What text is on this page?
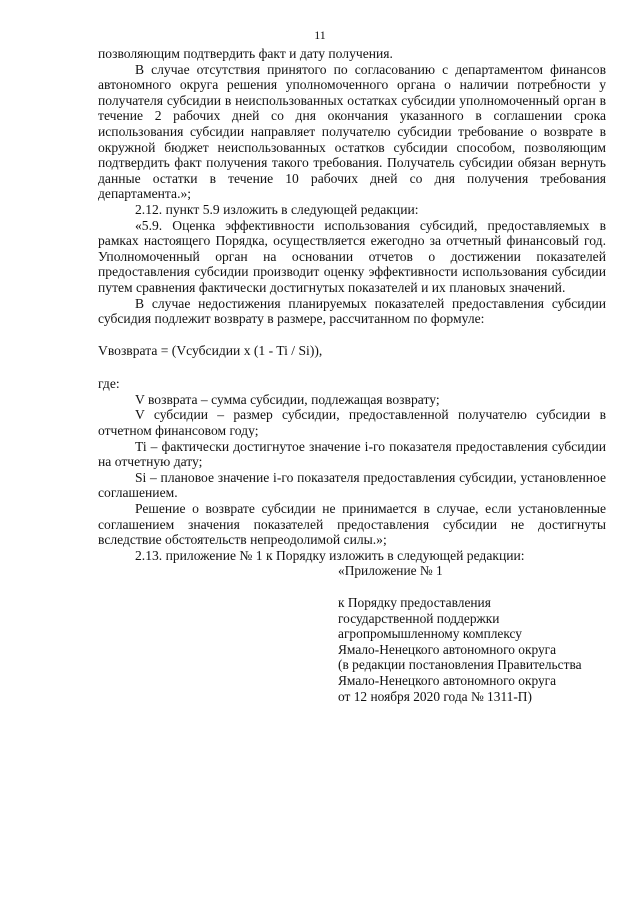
11

позволяющим подтвердить факт и дату получения.

В случае отсутствия принятого по согласованию с департаментом финансов автономного округа решения уполномоченного органа о наличии потребности у получателя субсидии в неиспользованных остатках субсидии уполномоченный орган в течение 2 рабочих дней со дня окончания указанного в соглашении срока использования субсидии направляет получателю субсидии требование о возврате в окружной бюджет неиспользованных остатков субсидии способом, позволяющим подтвердить факт получения такого требования. Получатель субсидии обязан вернуть данные остатки в течение 10 рабочих дней со дня получения требования департамента.»;

2.12. пункт 5.9 изложить в следующей редакции:

«5.9. Оценка эффективности использования субсидий, предоставляемых в рамках настоящего Порядка, осуществляется ежегодно за отчетный финансовый год. Уполномоченный орган на основании отчетов о достижении показателей предоставления субсидии производит оценку эффективности использования субсидии путем сравнения фактически достигнутых показателей и их плановых значений.

В случае недостижения планируемых показателей предоставления субсидии субсидия подлежит возврату в размере, рассчитанном по формуле:

Vвозврата = (Vсубсидии x (1 - Ti / Si)),

где:

V возврата – сумма субсидии, подлежащая возврату;

V субсидии – размер субсидии, предоставленной получателю субсидии в отчетном финансовом году;

Ti – фактически достигнутое значение i-го показателя предоставления субсидии на отчетную дату;

Si – плановое значение i-го показателя предоставления субсидии, установленное соглашением.

Решение о возврате субсидии не принимается в случае, если установленные соглашением значения показателей предоставления субсидии не достигнуты вследствие обстоятельств непреодолимой силы.»;

2.13. приложение № 1 к Порядку изложить в следующей редакции:

«Приложение № 1
к Порядку предоставления
государственной поддержки
агропромышленному комплексу
Ямало-Ненецкого автономного округа
(в редакции постановления Правительства
Ямало-Ненецкого автономного округа
от 12 ноября 2020 года № 1311-П)
